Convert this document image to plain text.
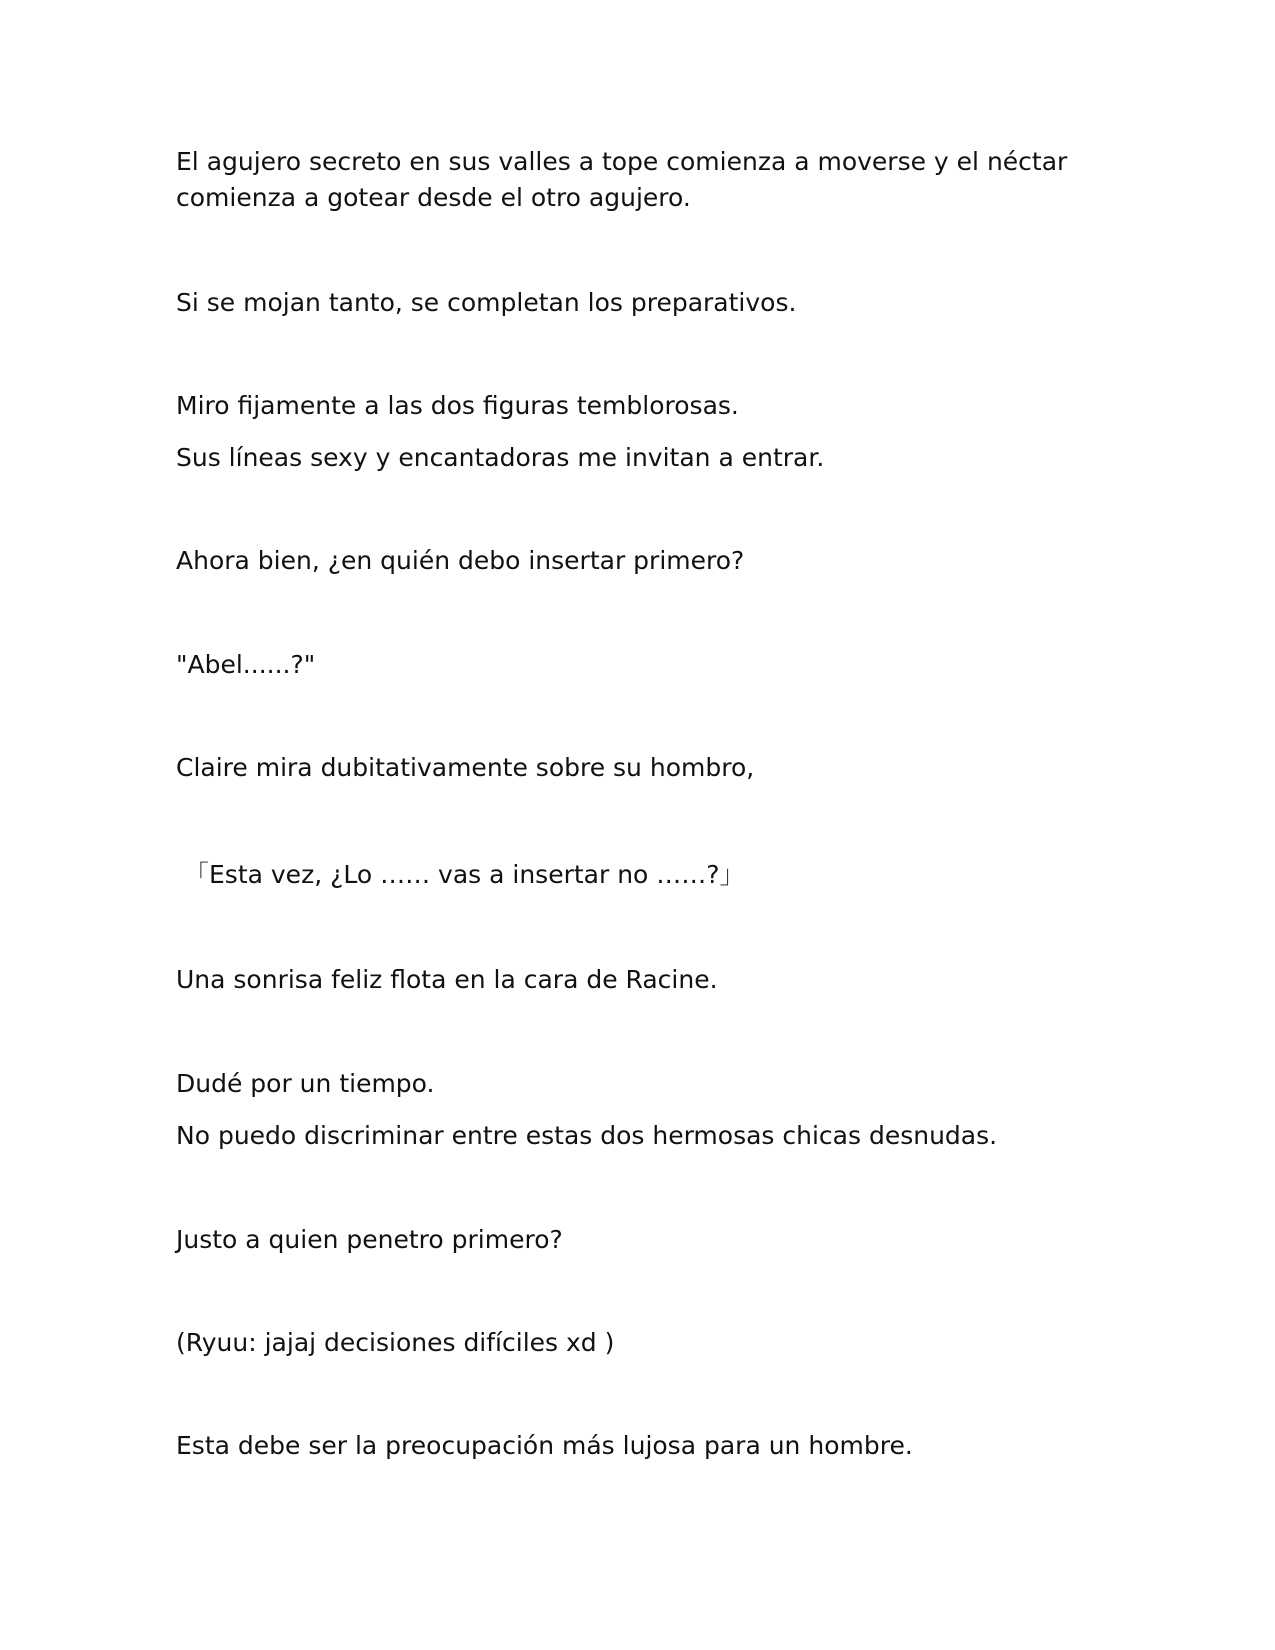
El agujero secreto en sus valles a tope comienza a moverse y el néctar comienza a gotear desde el otro agujero.

Si se mojan tanto, se completan los preparativos.

Miro fijamente a las dos figuras temblorosas.

Sus líneas sexy y encantadoras me invitan a entrar.

Ahora bien, ¿en quién debo insertar primero?

"Abel......?"

Claire mira dubitativamente sobre su hombro,

「Esta vez, ¿Lo …… vas a insertar no ……?」

Una sonrisa feliz flota en la cara de Racine.

Dudé por un tiempo.

No puedo discriminar entre estas dos hermosas chicas desnudas.

Justo a quien penetro primero?

(Ryuu: jajaj decisiones difíciles xd )

Esta debe ser la preocupación más lujosa para un hombre.
